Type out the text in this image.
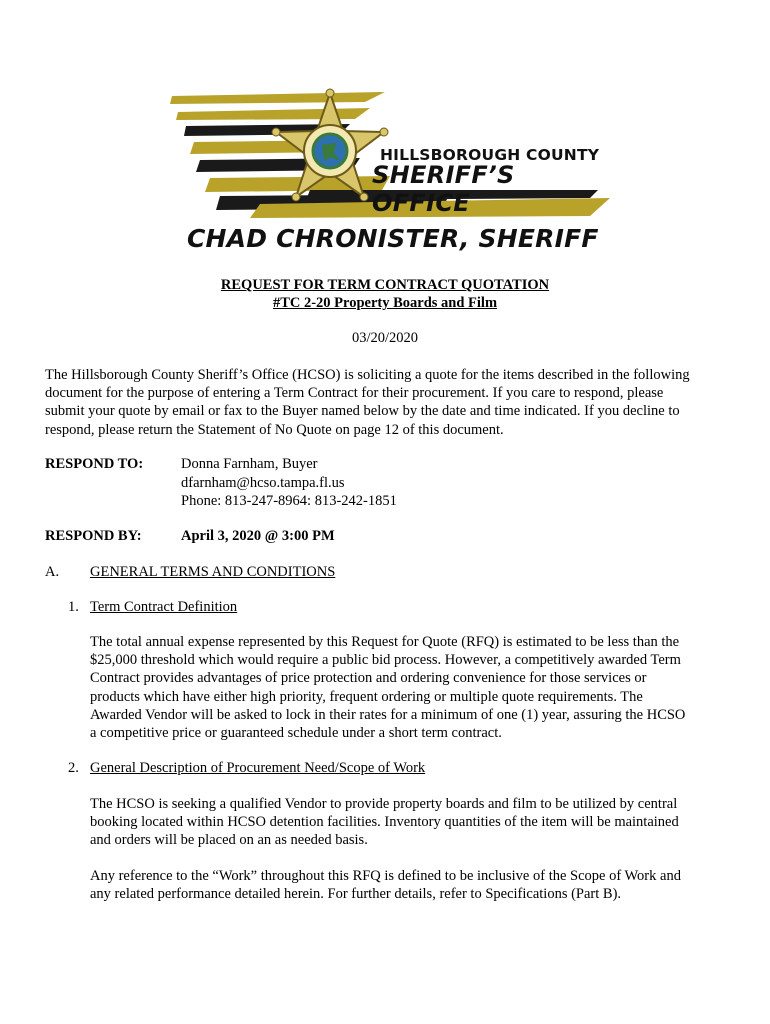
HILLSBOROUGH COUNTY
SHERIFF’S OFFICE
CHAD CHRONISTER, SHERIFF
REQUEST FOR TERM CONTRACT QUOTATION
#TC 2-20 Property Boards and Film
03/20/2020
The Hillsborough County Sheriff’s Office (HCSO) is soliciting a quote for the items described in the following
document for the purpose of entering a Term Contract for their procurement. If you care to respond, please
submit your quote by email or fax to the Buyer named below by the date and time indicated. If you decline to
respond, please return the Statement of No Quote on page 12 of this document.
RESPOND TO:	Donna Farnham, Buyer
dfarnham@hcso.tampa.fl.us
Phone: 813-247-8964: 813-242-1851
RESPOND BY:	April 3, 2020 @ 3:00 PM
A. GENERAL TERMS AND CONDITIONS
1. Term Contract Definition
The total annual expense represented by this Request for Quote (RFQ) is estimated to be less than the
$25,000 threshold which would require a public bid process. However, a competitively awarded Term
Contract provides advantages of price protection and ordering convenience for those services or
products which have either high priority, frequent ordering or multiple quote requirements. The
Awarded Vendor will be asked to lock in their rates for a minimum of one (1) year, assuring the HCSO
a competitive price or guaranteed schedule under a short term contract.
2. General Description of Procurement Need/Scope of Work
The HCSO is seeking a qualified Vendor to provide property boards and film to be utilized by central
booking located within HCSO detention facilities. Inventory quantities of the item will be maintained
and orders will be placed on an as needed basis.
Any reference to the “Work” throughout this RFQ is defined to be inclusive of the Scope of Work and
any related performance detailed herein. For further details, refer to Specifications (Part B).
